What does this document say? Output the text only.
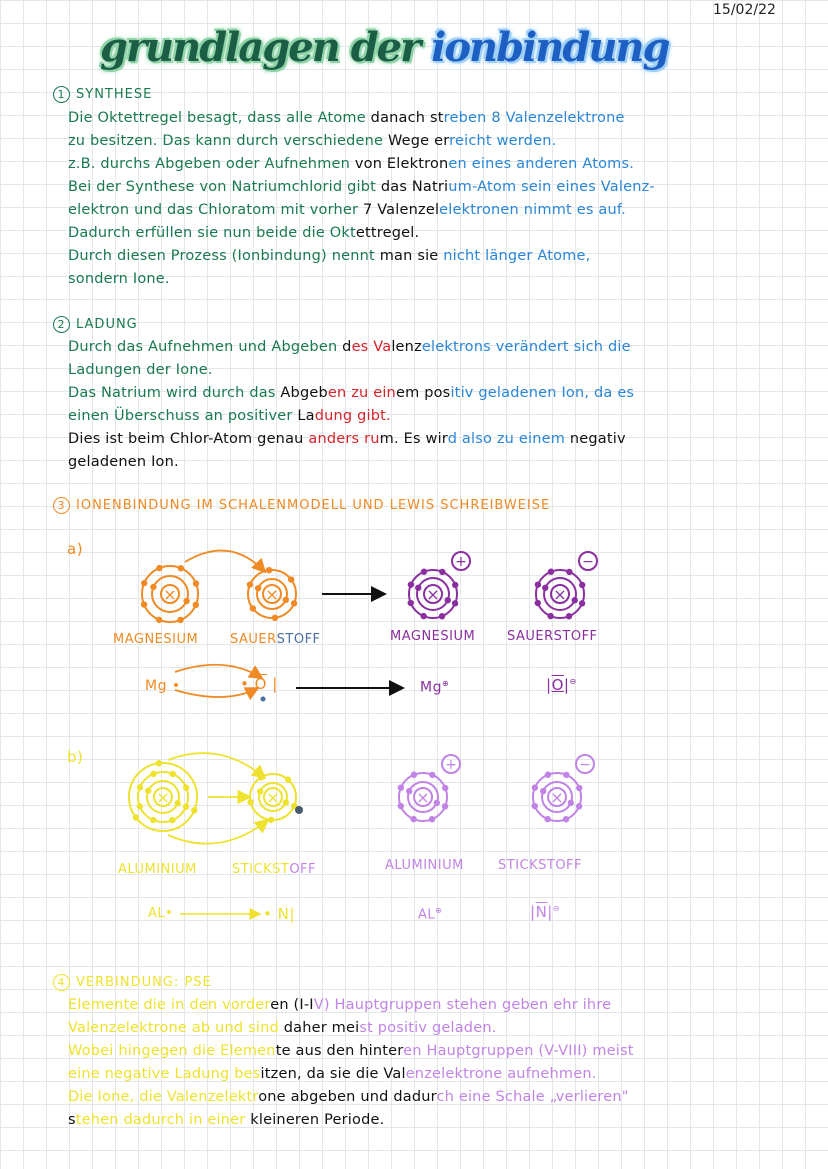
grundlagen der ionbindung
15/02/22
1 SYNTHESE
2 LADUNG
3 IONENBINDUNG IM SCHALENMODELL UND LEWIS SCHREIBWEISE
4 VERBINDUNG: PSE
Die Oktettregel besagt, dass alle Atome danach streben 8 Valenzelektrone
zu besitzen. Das kann durch verschiedene Wege erreicht werden.
z.B. durchs Abgeben oder Aufnehmen von Elektronen eines anderen Atoms.
Bei der Synthese von Natriumchlorid gibt das Natrium-Atom sein eines Valenz-
elektron und das Chloratom mit vorher 7 Valenzelelektronen nimmt es auf.
Dadurch erfüllen sie nun beide die Oktettregel.
Durch diesen Prozess (Ionbindung) nennt man sie nicht länger Atome,
sondern Ione.
Durch das Aufnehmen und Abgeben des Valenzelektrons verändert sich die
Ladungen der Ione.
Das Natrium wird durch das Abgeben zu einem positiv geladenen Ion, da es
einen Überschuss an positiver Ladung gibt.
Dies ist beim Chlor-Atom genau anders rum. Es wird also zu einem negativ
geladenen Ion.
Elemente die in den vorderen (I-IV) Hauptgruppen stehen geben ehr ihre
Valenzelektrone ab und sind daher meist positiv geladen.
Wobei hingegen die Elemente aus den hinteren Hauptgruppen (V-VIII) meist
eine negative Ladung besitzen, da sie die Valenzelektrone aufnehmen.
Die Ione, die Valenzelektrone abgeben und dadurch eine Schale „verlieren"
stehen dadurch in einer kleineren Periode.
×	×	×
+
×
−
×	×	×
+
×
−
a)
MAGNESIUM SAUERSTOFF	MAGNESIUM SAUERSTOFF
Mg •	• $\overline{O}$ |	Mg⊕	|O|⊖
b)
ALUMINIUM	STICKSTOFF	ALUMINIUM	STICKSTOFF
AL•	• N|	AL⊕	$|\overline{N}|^⊖$
